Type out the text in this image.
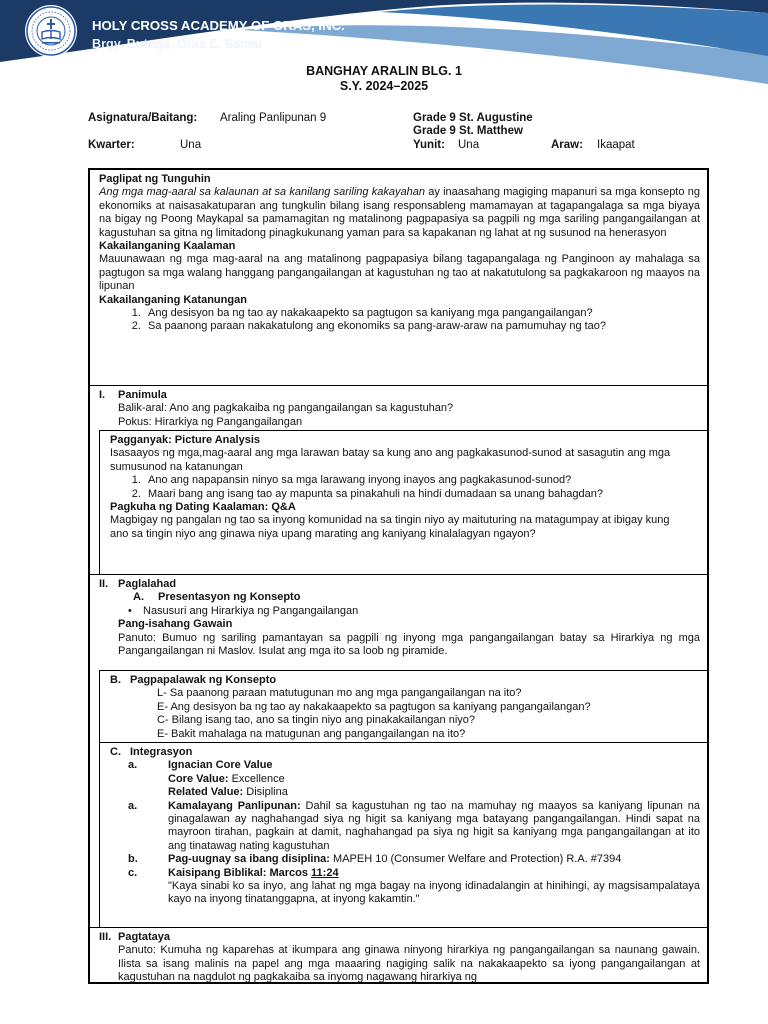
HOLY CROSS ACADEMY OF ORAS, INC.
Brgy. Butnga, Oras E. Samar
BANGHAY ARALIN BLG. 1
S.Y. 2024–2025
Asignatura/Baitang: Araling Panlipunan 9	Grade 9 St. Augustine
Grade 9 St. Matthew
Kwarter:	Una	Yunit: Una	Araw: Ikaapat

Paglipat ng Tunguhin

Ang mga mag-aaral sa kalaunan at sa kanilang sariling kakayahan ay inaasahang magiging mapanuri sa mga konsepto ng ekonomiks at naisasakatuparan ang tungkulin bilang isang responsableng mamamayan at tagapangalaga sa mga biyaya na bigay ng Poong Maykapal sa pamamagitan ng matalinong pagpapasiya sa pagpili ng mga sariling pangangailangan at kagustuhan sa gitna ng limitadong pinagkukunang yaman para sa kapakanan ng lahat at ng susunod na henerasyon

Kakailanganing Kaalaman

Mauunawaan ng mga mag-aaral na ang matalinong pagpapasiya bilang tagapangalaga ng Panginoon ay mahalaga sa pagtugon sa mga walang hanggang pangangailangan at kagustuhan ng tao at nakatutulong sa pagkakaroon ng maayos na lipunan

Kakailanganing Katanungan

1. Ang desisyon ba ng tao ay nakakaapekto sa pagtugon sa kaniyang mga pangangailangan?
2. Sa paanong paraan nakakatulong ang ekonomiks sa pang-araw-araw na pamumuhay ng tao?

I. Panimula

Balik-aral: Ano ang pagkakaiba ng pangangailangan sa kagustuhan?

Pokus: Hirarkiya ng Pangangailangan

Pagganyak: Picture Analysis

Isasaayos ng mga,mag-aaral ang mga larawan batay sa kung ano ang pagkakasunod-sunod at sasagutin ang mga sumusunod na katanungan

1. Ano ang napapansin ninyo sa mga larawang inyong inayos ang pagkakasunod-sunod?
2. Maari bang ang isang tao ay mapunta sa pinakahuli na hindi dumadaan sa unang bahagdan?

Pagkuha ng Dating Kaalaman: Q&A

Magbigay ng pangalan ng tao sa inyong komunidad na sa tingin niyo ay maituturing na matagumpay at ibigay kung ano sa tingin niyo ang ginawa niya upang marating ang kaniyang kinalalagyan ngayon?

II. Paglalahad

A. Presentasyon ng Konsepto

• Nasusuri ang Hirarkiya ng Pangangailangan

Pang-isahang Gawain

Panuto: Bumuo ng sariling pamantayan sa pagpili ng inyong mga pangangailangan batay sa Hirarkiya ng mga Pangangailangan ni Maslov. Isulat ang mga ito sa loob ng piramide.

B. Pagpapalawak ng Konsepto

L- Sa paanong paraan matutugunan mo ang mga pangangailangan na ito?

E- Ang desisyon ba ng tao ay nakakaapekto sa pagtugon sa kaniyang pangangailangan?

C- Bilang isang tao, ano sa tingin niyo ang pinakakailangan niyo?

E- Bakit mahalaga na matugunan ang pangangailangan na ito?

C. Integrasyon

a.	Ignacian Core Value

Core Value: Excellence

Related Value: Disiplina

a.	Kamalayang Panlipunan: Dahil sa kagustuhan ng tao na mamuhay ng maayos sa kaniyang lipunan na ginagalawan ay naghahangad siya ng higit sa kaniyang mga batayang pangangailangan. Hindi sapat na mayroon tirahan, pagkain at damit, naghahangad pa siya ng higit sa kaniyang mga pangangailangan at ito ang tinatawag nating kagustuhan

b.	Pag-uugnay sa ibang disiplina: MAPEH 10 (Consumer Welfare and Protection) R.A. #7394

c.	Kaisipang Biblikal: Marcos 11:24

"Kaya sinabi ko sa inyo, ang lahat ng mga bagay na inyong idinadalangin at hinihingi, ay magsisampalataya kayo na inyong tinatanggapna, at inyong kakamtin."

III. Pagtataya

Panuto: Kumuha ng kaparehas at ikumpara ang ginawa ninyong hirarkiya ng pangangailangan sa naunang gawain. Ilista sa isang malinis na papel ang mga maaaring nagiging salik na nakakaapekto sa iyong pangangailangan at kagustuhan na nagdulot ng pagkakaiba sa inyomg nagawang hirarkiya ng
